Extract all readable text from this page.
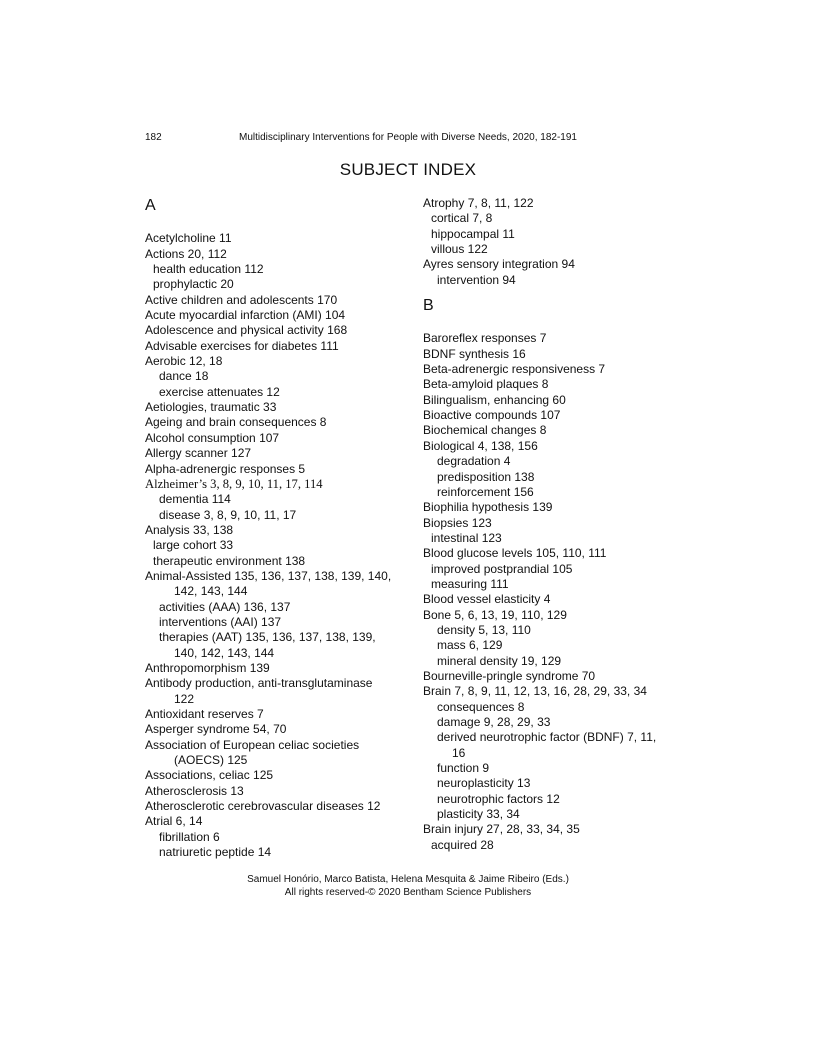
182	Multidisciplinary Interventions for People with Diverse Needs, 2020, 182-191
SUBJECT INDEX
A
Acetylcholine 11
Actions 20, 112
health education 112
prophylactic 20
Active children and adolescents 170
Acute myocardial infarction (AMI) 104
Adolescence and physical activity 168
Advisable exercises for diabetes 111
Aerobic 12, 18
dance 18
exercise attenuates 12
Aetiologies, traumatic 33
Ageing and brain consequences 8
Alcohol consumption 107
Allergy scanner 127
Alpha-adrenergic responses 5
Alzheimer’s 3, 8, 9, 10, 11, 17, 114
dementia 114
disease 3, 8, 9, 10, 11, 17
Analysis 33, 138
large cohort 33
therapeutic environment 138
Animal-Assisted 135, 136, 137, 138, 139, 140,
142, 143, 144
activities (AAA) 136, 137
interventions (AAI) 137
therapies (AAT) 135, 136, 137, 138, 139,
140, 142, 143, 144
Anthropomorphism 139
Antibody production, anti-transglutaminase
122
Antioxidant reserves 7
Asperger syndrome 54, 70
Association of European celiac societies
(AOECS) 125
Associations, celiac 125
Atherosclerosis 13
Atherosclerotic cerebrovascular diseases 12
Atrial 6, 14
fibrillation 6
natriuretic peptide 14
Atrophy 7, 8, 11, 122
cortical 7, 8
hippocampal 11
villous 122
Ayres sensory integration 94
intervention 94
B
Baroreflex responses 7
BDNF synthesis 16
Beta-adrenergic responsiveness 7
Beta-amyloid plaques 8
Bilingualism, enhancing 60
Bioactive compounds 107
Biochemical changes 8
Biological 4, 138, 156
degradation 4
predisposition 138
reinforcement 156
Biophilia hypothesis 139
Biopsies 123
intestinal 123
Blood glucose levels 105, 110, 111
improved postprandial 105
measuring 111
Blood vessel elasticity 4
Bone 5, 6, 13, 19, 110, 129
density 5, 13, 110
mass 6, 129
mineral density 19, 129
Bourneville-pringle syndrome 70
Brain 7, 8, 9, 11, 12, 13, 16, 28, 29, 33, 34
consequences 8
damage 9, 28, 29, 33
derived neurotrophic factor (BDNF) 7, 11,
16
function 9
neuroplasticity 13
neurotrophic factors 12
plasticity 33, 34
Brain injury 27, 28, 33, 34, 35
acquired 28
Samuel Honório, Marco Batista, Helena Mesquita & Jaime Ribeiro (Eds.)
All rights reserved-© 2020 Bentham Science Publishers
